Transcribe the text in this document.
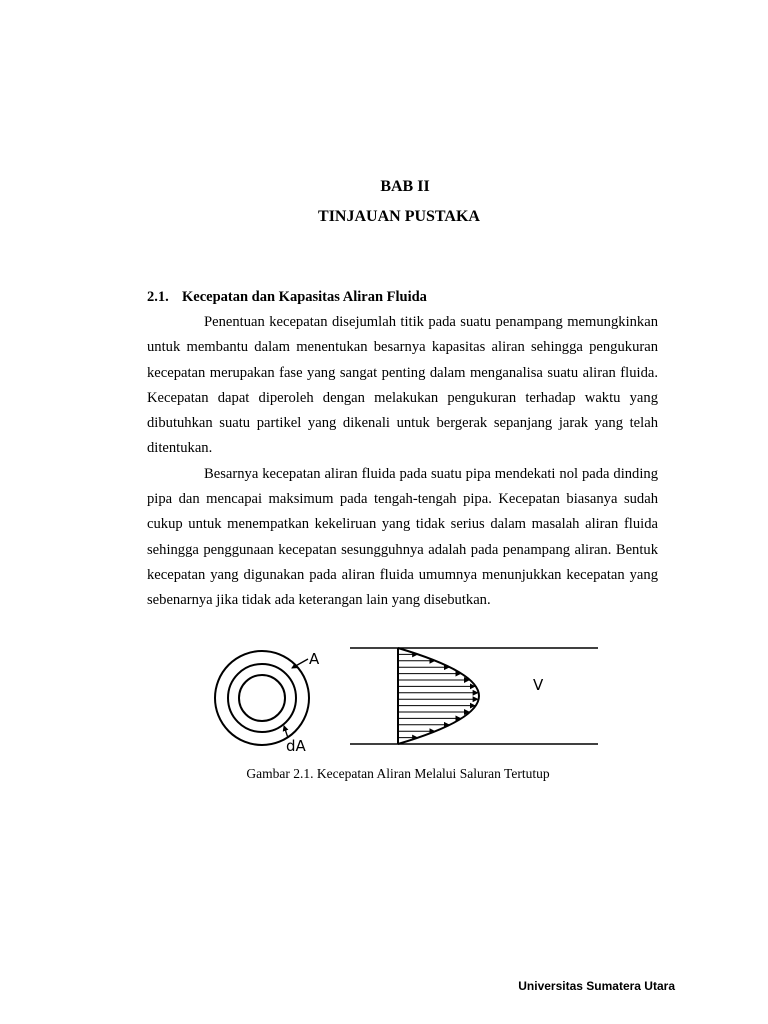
BAB II
TINJAUAN PUSTAKA
2.1. Kecepatan dan Kapasitas Aliran Fluida

Penentuan kecepatan disejumlah titik pada suatu penampang memungkinkan untuk membantu dalam menentukan besarnya kapasitas aliran sehingga pengukuran kecepatan merupakan fase yang sangat penting dalam menganalisa suatu aliran fluida. Kecepatan dapat diperoleh dengan melakukan pengukuran terhadap waktu yang dibutuhkan suatu partikel yang dikenali untuk bergerak sepanjang jarak yang telah ditentukan.

Besarnya kecepatan aliran fluida pada suatu pipa mendekati nol pada dinding pipa dan mencapai maksimum pada tengah-tengah pipa. Kecepatan biasanya sudah cukup untuk menempatkan kekeliruan yang tidak serius dalam masalah aliran fluida sehingga penggunaan kecepatan sesungguhnya adalah pada penampang aliran. Bentuk kecepatan yang digunakan pada aliran fluida umumnya menunjukkan kecepatan yang sebenarnya jika tidak ada keterangan lain yang disebutkan.

A
dA
V
Gambar 2.1. Kecepatan Aliran Melalui Saluran Tertutup
Universitas Sumatera Utara
